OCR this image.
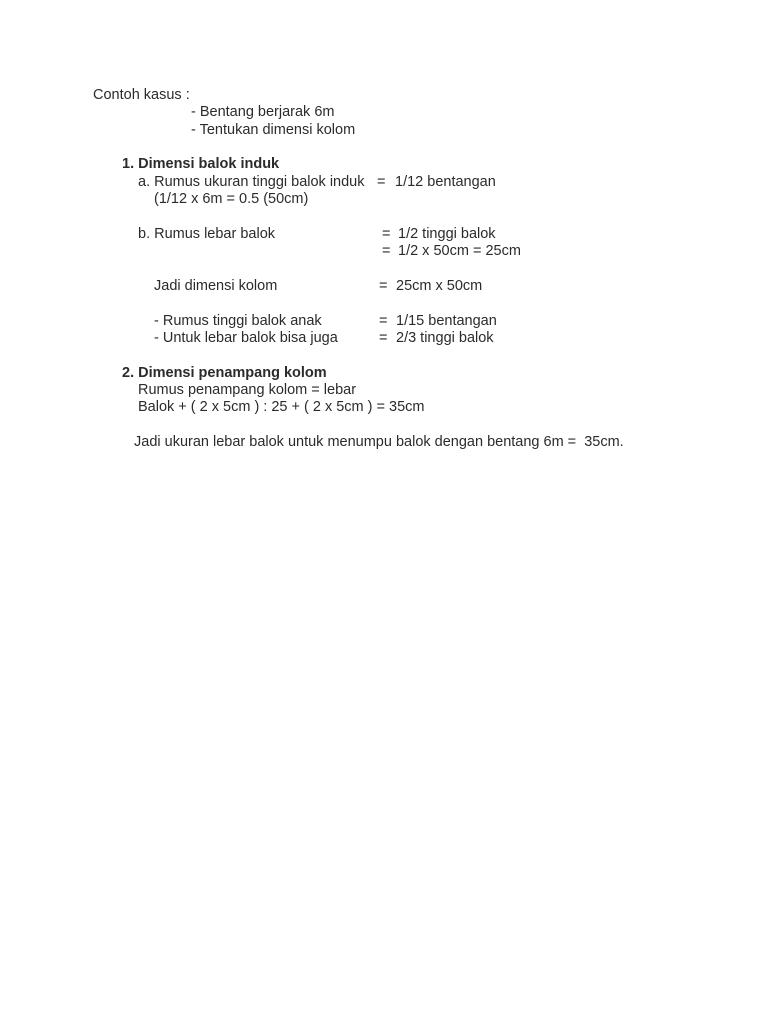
Contoh kasus :
- Bentang berjarak 6m
- Tentukan dimensi kolom
1. Dimensi balok induk
a. Rumus ukuran tinggi balok induk = 1/12 bentangan
(1/12 x 6m = 0.5 (50cm)
b. Rumus lebar balok	= 1/2 tinggi balok
= 1/2 x 50cm = 25cm
Jadi dimensi kolom	= 25cm x 50cm
- Rumus tinggi balok anak	= 1/15 bentangan
- Untuk lebar balok bisa juga	= 2/3 tinggi balok
2. Dimensi penampang kolom
Rumus penampang kolom = lebar
Balok + ( 2 x 5cm ) : 25 + ( 2 x 5cm ) = 35cm
Jadi ukuran lebar balok untuk menumpu balok dengan bentang 6m =  35cm.
